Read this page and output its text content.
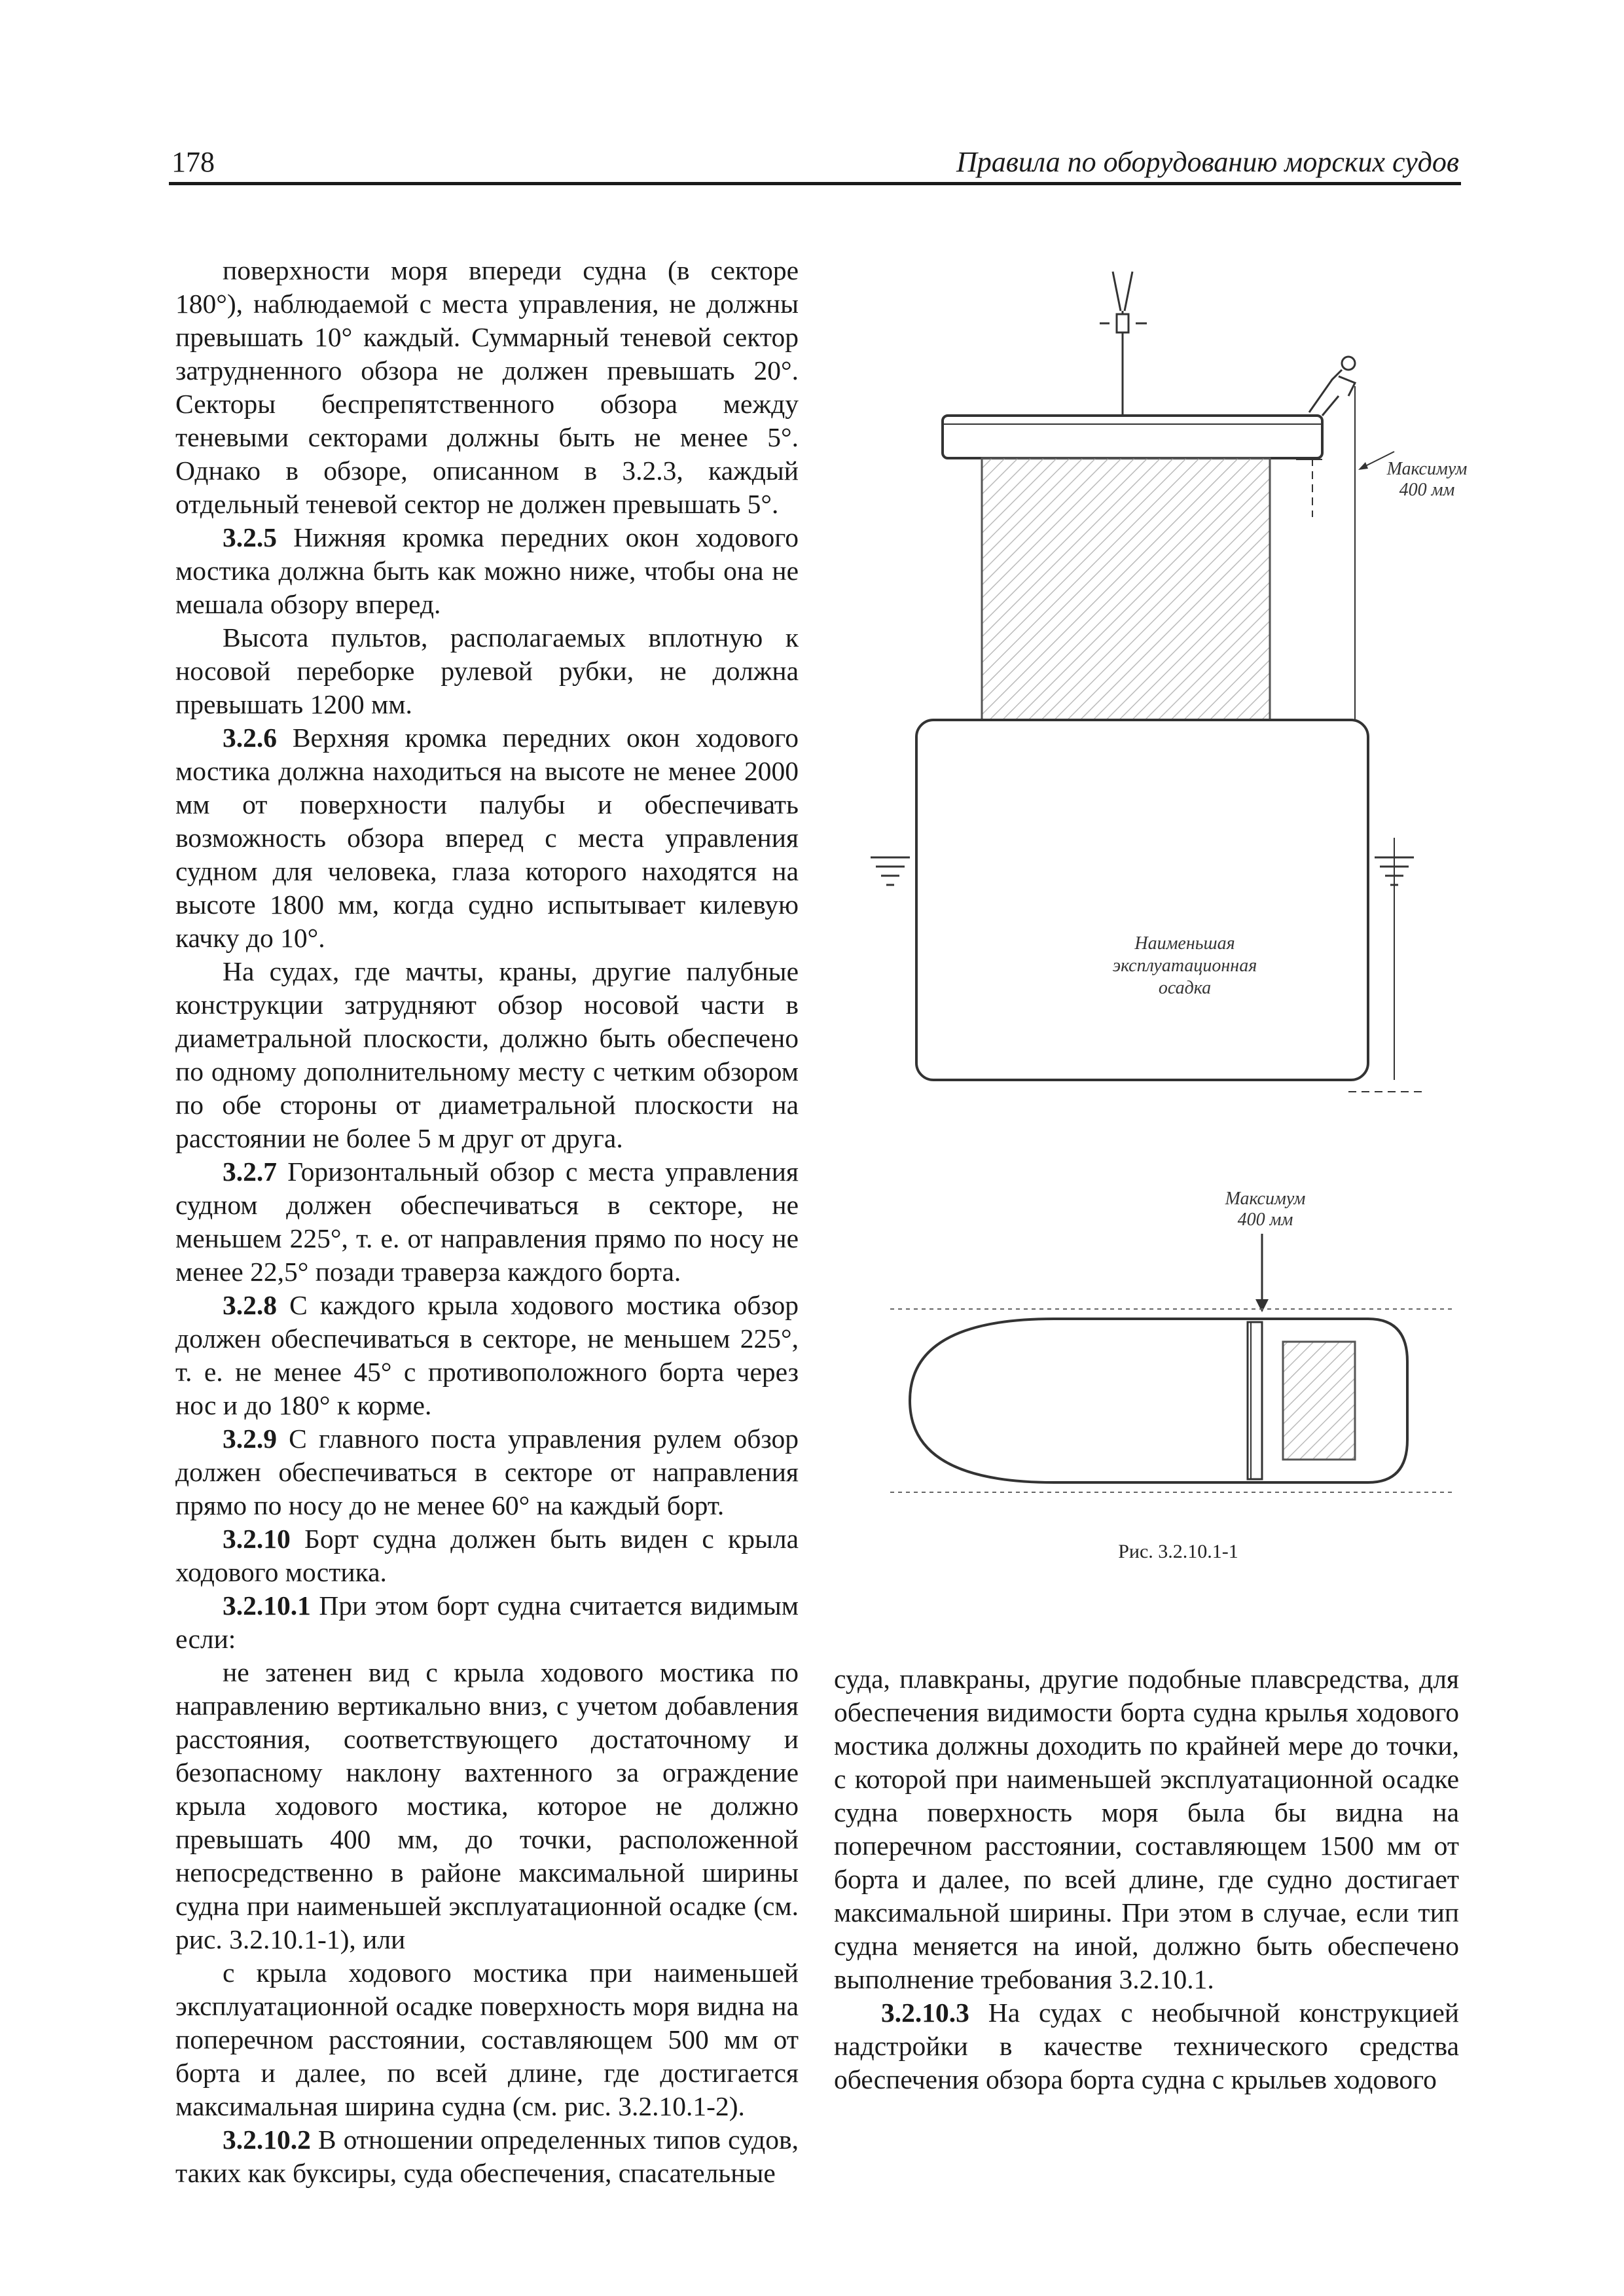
178	Правила по оборудованию морских судов

поверхности моря впереди судна (в секторе 180°), наблюдаемой с места управления, не должны превышать 10° каждый. Суммарный теневой сектор затрудненного обзора не должен превышать 20°. Секторы беспрепятственного обзора между теневыми секторами должны быть не менее 5°. Однако в обзоре, описанном в 3.2.3, каждый отдельный теневой сектор не должен превышать 5°.

3.2.5 Нижняя кромка передних окон ходового мостика должна быть как можно ниже, чтобы она не мешала обзору вперед.

Высота пультов, располагаемых вплотную к носовой переборке рулевой рубки, не должна превышать 1200 мм.

3.2.6 Верхняя кромка передних окон ходового мостика должна находиться на высоте не менее 2000 мм от поверхности палубы и обеспечивать возможность обзора вперед с места управления судном для человека, глаза которого находятся на высоте 1800 мм, когда судно испытывает килевую качку до 10°.

На судах, где мачты, краны, другие палубные конструкции затрудняют обзор носовой части в диаметральной плоскости, должно быть обеспечено по одному дополнительному месту с четким обзором по обе стороны от диаметральной плоскости на расстоянии не более 5 м друг от друга.

3.2.7 Горизонтальный обзор с места управления судном должен обеспечиваться в секторе, не меньшем 225°, т. е. от направления прямо по носу не менее 22,5° позади траверза каждого борта.

3.2.8 С каждого крыла ходового мостика обзор должен обеспечиваться в секторе, не меньшем 225°, т. е. не менее 45° с противоположного борта через нос и до 180° к корме.

3.2.9 С главного поста управления рулем обзор должен обеспечиваться в секторе от направления прямо по носу до не менее 60° на каждый борт.

3.2.10 Борт судна должен быть виден с крыла ходового мостика.

3.2.10.1 При этом борт судна считается видимым если:

не затенен вид с крыла ходового мостика по направлению вертикально вниз, с учетом добавления расстояния, соответствующего достаточному и безопасному наклону вахтенного за ограждение крыла ходового мостика, которое не должно превышать 400 мм, до точки, расположенной непосредственно в районе максимальной ширины судна при наименьшей эксплуатационной осадке (см. рис. 3.2.10.1-1), или

с крыла ходового мостика при наименьшей эксплуатационной осадке поверхность моря видна на поперечном расстоянии, составляющем 500 мм от борта и далее, по всей длине, где достигается максимальная ширина судна (см. рис. 3.2.10.1-2).

3.2.10.2 В отношении определенных типов судов, таких как буксиры, суда обеспечения, спасательные

суда, плавкраны, другие подобные плавсредства, для обеспечения видимости борта судна крылья ходового мостика должны доходить по крайней мере до точки, с которой при наименьшей эксплуатационной осадке судна поверхность моря была бы видна на поперечном расстоянии, составляющем 1500 мм от борта и далее, по всей длине, где судно достигает максимальной ширины. При этом в случае, если тип судна меняется на иной, должно быть обеспечено выполнение требования 3.2.10.1.

3.2.10.3 На судах с необычной конструкцией надстройки в качестве технического средства обеспечения обзора борта судна с крыльев ходового

Максимум
400 мм
Наименьшая
эксплуатационная
осадка
Максимум
400 мм
Рис. 3.2.10.1-1
